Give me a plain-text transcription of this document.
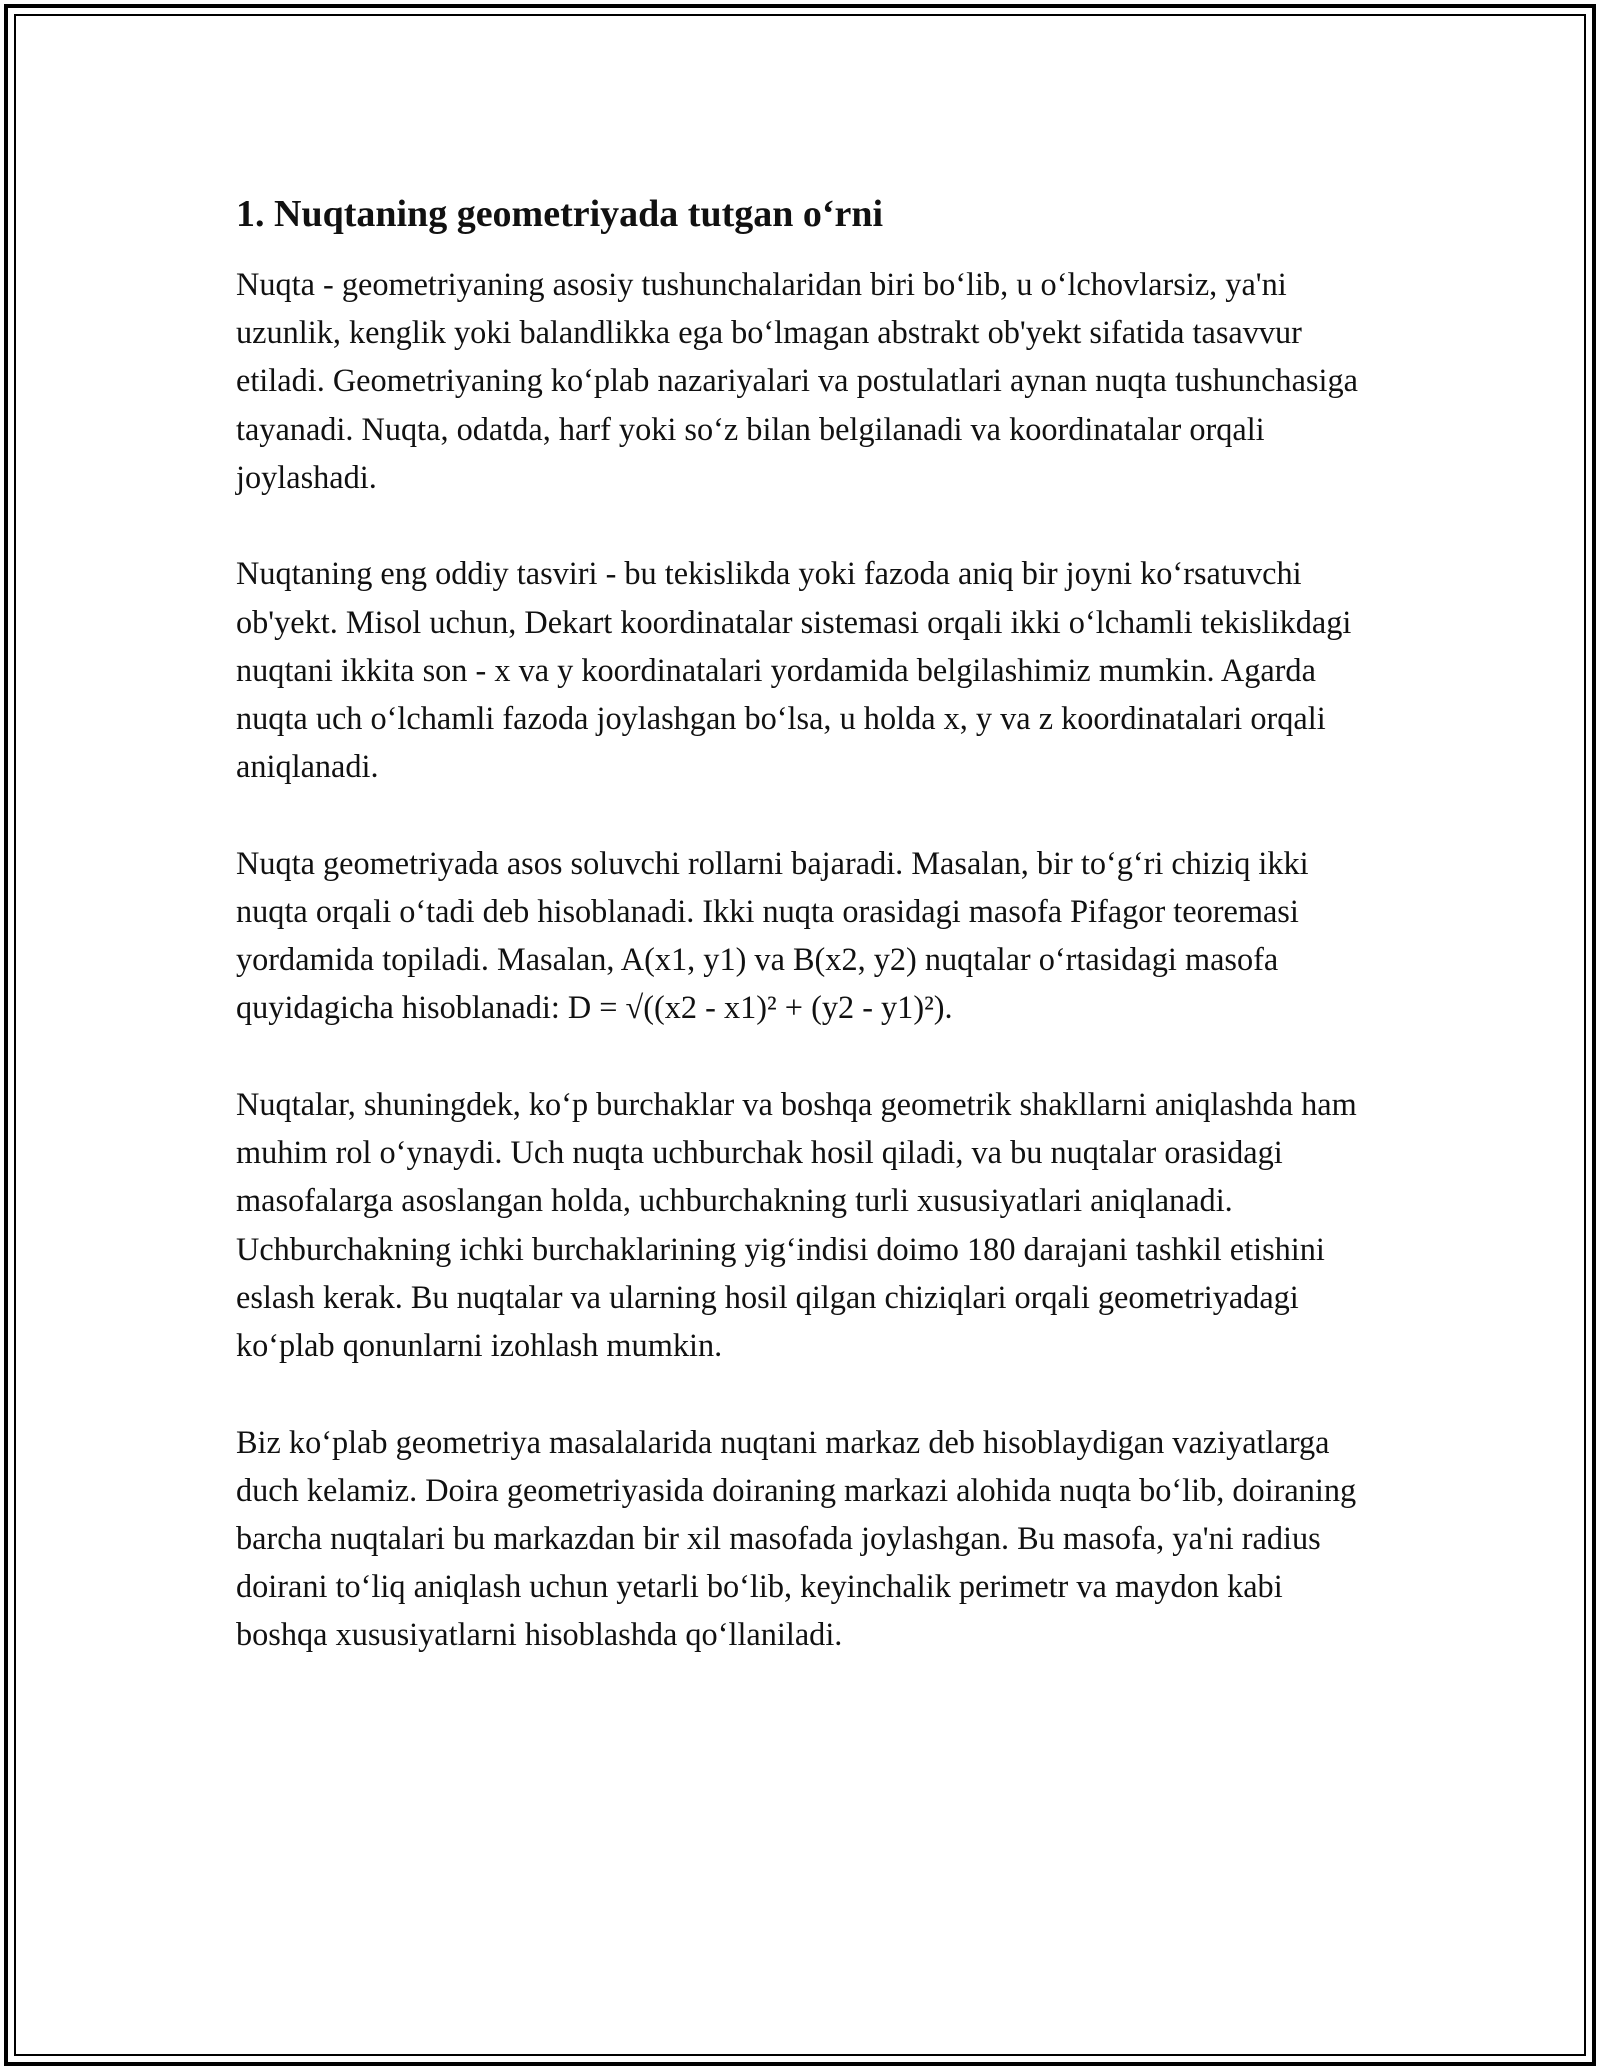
1. Nuqtaning geometriyada tutgan o‘rni

Nuqta - geometriyaning asosiy tushunchalaridan biri bo‘lib, u o‘lchovlarsiz, ya'ni uzunlik, kenglik yoki balandlikka ega bo‘lmagan abstrakt ob'yekt sifatida tasavvur etiladi. Geometriyaning ko‘plab nazariyalari va postulatlari aynan nuqta tushunchasiga tayanadi. Nuqta, odatda, harf yoki so‘z bilan belgilanadi va koordinatalar orqali joylashadi.

Nuqtaning eng oddiy tasviri - bu tekislikda yoki fazoda aniq bir joyni ko‘rsatuvchi ob'yekt. Misol uchun, Dekart koordinatalar sistemasi orqali ikki o‘lchamli tekislikdagi nuqtani ikkita son - x va y koordinatalari yordamida belgilashimiz mumkin. Agarda nuqta uch o‘lchamli fazoda joylashgan bo‘lsa, u holda x, y va z koordinatalari orqali aniqlanadi.

Nuqta geometriyada asos soluvchi rollarni bajaradi. Masalan, bir to‘g‘ri chiziq ikki nuqta orqali o‘tadi deb hisoblanadi. Ikki nuqta orasidagi masofa Pifagor teoremasi yordamida topiladi. Masalan, A(x1, y1) va B(x2, y2) nuqtalar o‘rtasidagi masofa quyidagicha hisoblanadi: D = √((x2 - x1)² + (y2 - y1)²).

Nuqtalar, shuningdek, ko‘p burchaklar va boshqa geometrik shakllarni aniqlashda ham muhim rol o‘ynaydi. Uch nuqta uchburchak hosil qiladi, va bu nuqtalar orasidagi masofalarga asoslangan holda, uchburchakning turli xususiyatlari aniqlanadi. Uchburchakning ichki burchaklarining yig‘indisi doimo 180 darajani tashkil etishini eslash kerak. Bu nuqtalar va ularning hosil qilgan chiziqlari orqali geometriyadagi ko‘plab qonunlarni izohlash mumkin.

Biz ko‘plab geometriya masalalarida nuqtani markaz deb hisoblaydigan vaziyatlarga duch kelamiz. Doira geometriyasida doiraning markazi alohida nuqta bo‘lib, doiraning barcha nuqtalari bu markazdan bir xil masofada joylashgan. Bu masofa, ya'ni radius doirani to‘liq aniqlash uchun yetarli bo‘lib, keyinchalik perimetr va maydon kabi boshqa xususiyatlarni hisoblashda qo‘llaniladi.
